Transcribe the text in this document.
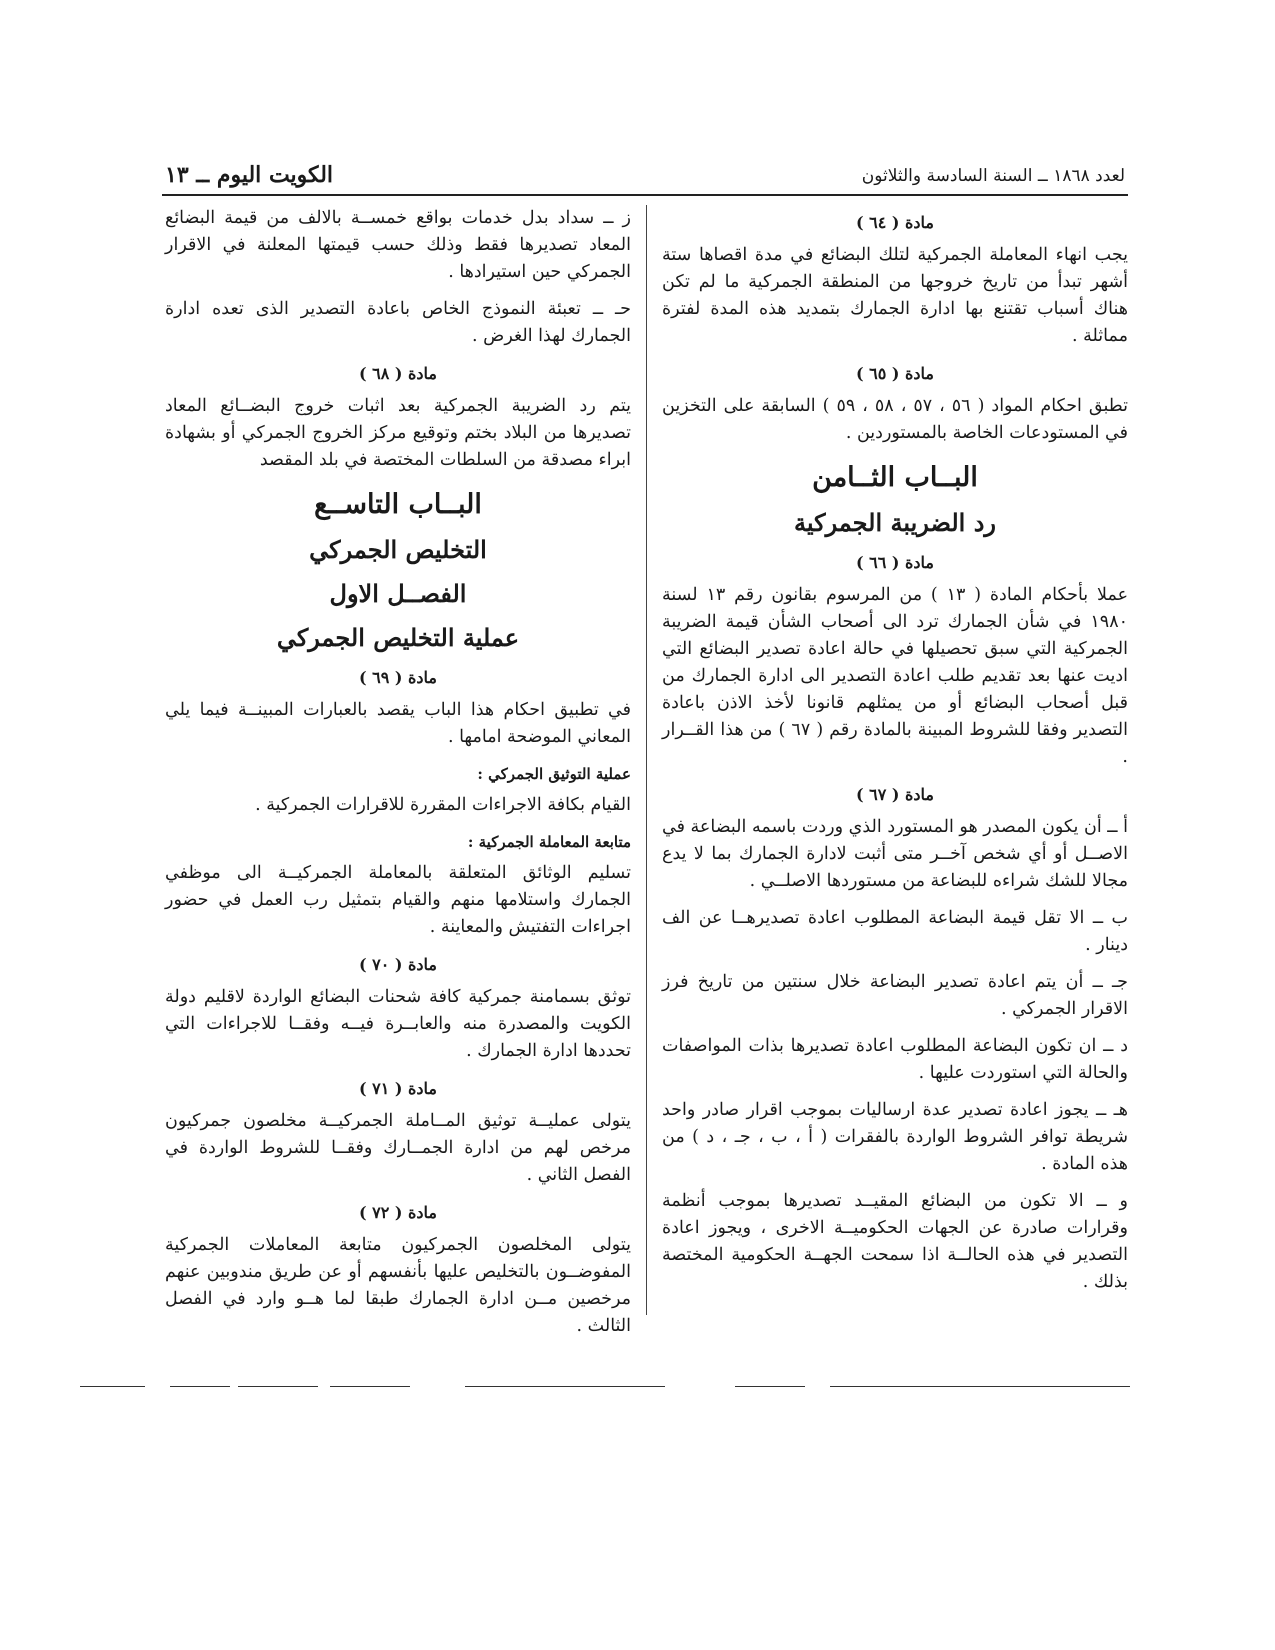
الكويت اليوم ــ ١٣	لعدد ١٨٦٨ ــ السنة السادسة والثلاثون
مادة ( ٦٤ )

يجب انهاء المعاملة الجمركية لتلك البضائع في مدة اقصاها ستة أشهر تبدأ من تاريخ خروجها من المنطقة الجمركية ما لم تكن هناك أسباب تقتنع بها ادارة الجمارك بتمديد هذه المدة لفترة مماثلة .

مادة ( ٦٥ )

تطبق احكام المواد ( ٥٦ ، ٥٧ ، ٥٨ ، ٥٩ ) السابقة على التخزين في المستودعات الخاصة بالمستوردين .

البــاب الثــامن
رد الضريبة الجمركية
مادة ( ٦٦ )

عملا بأحكام المادة ( ١٣ ) من المرسوم بقانون رقم ١٣ لسنة ١٩٨٠ في شأن الجمارك ترد الى أصحاب الشأن قيمة الضريبة الجمركية التي سبق تحصيلها في حالة اعادة تصدير البضائع التي اديت عنها بعد تقديم طلب اعادة التصدير الى ادارة الجمارك من قبل أصحاب البضائع أو من يمثلهم قانونا لأخذ الاذن باعادة التصدير وفقا للشروط المبينة بالمادة رقم ( ٦٧ ) من هذا القــرار .

مادة ( ٦٧ )

أ ــ أن يكون المصدر هو المستورد الذي وردت باسمه البضاعة في الاصــل أو أي شخص آخــر متى أثبت لادارة الجمارك بما لا يدع مجالا للشك شراءه للبضاعة من مستوردها الاصلــي .

ب ــ الا تقل قيمة البضاعة المطلوب اعادة تصديرهــا عن الف دينار .

جـ ــ أن يتم اعادة تصدير البضاعة خلال سنتين من تاريخ فرز الاقرار الجمركي .

د ــ ان تكون البضاعة المطلوب اعادة تصديرها بذات المواصفات والحالة التي استوردت عليها .

هـ ــ يجوز اعادة تصدير عدة ارساليات بموجب اقرار صادر واحد شريطة توافر الشروط الواردة بالفقرات ( أ ، ب ، جـ ، د ) من هذه المادة .

و ــ الا تكون من البضائع المقيــد تصديرها بموجب أنظمة وقرارات صادرة عن الجهات الحكوميــة الاخرى ، ويجوز اعادة التصدير في هذه الحالــة اذا سمحت الجهــة الحكومية المختصة بذلك .

ز ــ سداد بدل خدمات بواقع خمســة بالالف من قيمة البضائع المعاد تصديرها فقط وذلك حسب قيمتها المعلنة في الاقرار الجمركي حين استيرادها .

حـ ــ تعبئة النموذج الخاص باعادة التصدير الذى تعده ادارة الجمارك لهذا الغرض .

مادة ( ٦٨ )

يتم رد الضريبة الجمركية بعد اثبات خروج البضــائع المعاد تصديرها من البلاد بختم وتوقيع مركز الخروج الجمركي أو بشهادة ابراء مصدقة من السلطات المختصة في بلد المقصد

البــاب التاســع
التخليص الجمركي
الفصــل الاول
عملية التخليص الجمركي
مادة ( ٦٩ )

في تطبيق احكام هذا الباب يقصد بالعبارات المبينــة فيما يلي المعاني الموضحة امامها .

عملية التوثيق الجمركي :

القيام بكافة الاجراءات المقررة للاقرارات الجمركية .

متابعة المعاملة الجمركية :

تسليم الوثائق المتعلقة بالمعاملة الجمركيــة الى موظفي الجمارك واستلامها منهم والقيام بتمثيل رب العمل في حضور اجراءات التفتيش والمعاينة .

مادة ( ٧٠ )

توثق بسمامنة جمركية كافة شحنات البضائع الواردة لاقليم دولة الكويت والمصدرة منه والعابــرة فيــه وفقــا للاجراءات التي تحددها ادارة الجمارك .

مادة ( ٧١ )

يتولى عمليــة توثيق المــاملة الجمركيــة مخلصون جمركيون مرخص لهم من ادارة الجمــارك وفقــا للشروط الواردة في الفصل الثاني .

مادة ( ٧٢ )

يتولى المخلصون الجمركيون متابعة المعاملات الجمركية المفوضــون بالتخليص عليها بأنفسهم أو عن طريق مندوبين عنهم مرخصين مــن ادارة الجمارك طبقا لما هــو وارد في الفصل الثالث .
